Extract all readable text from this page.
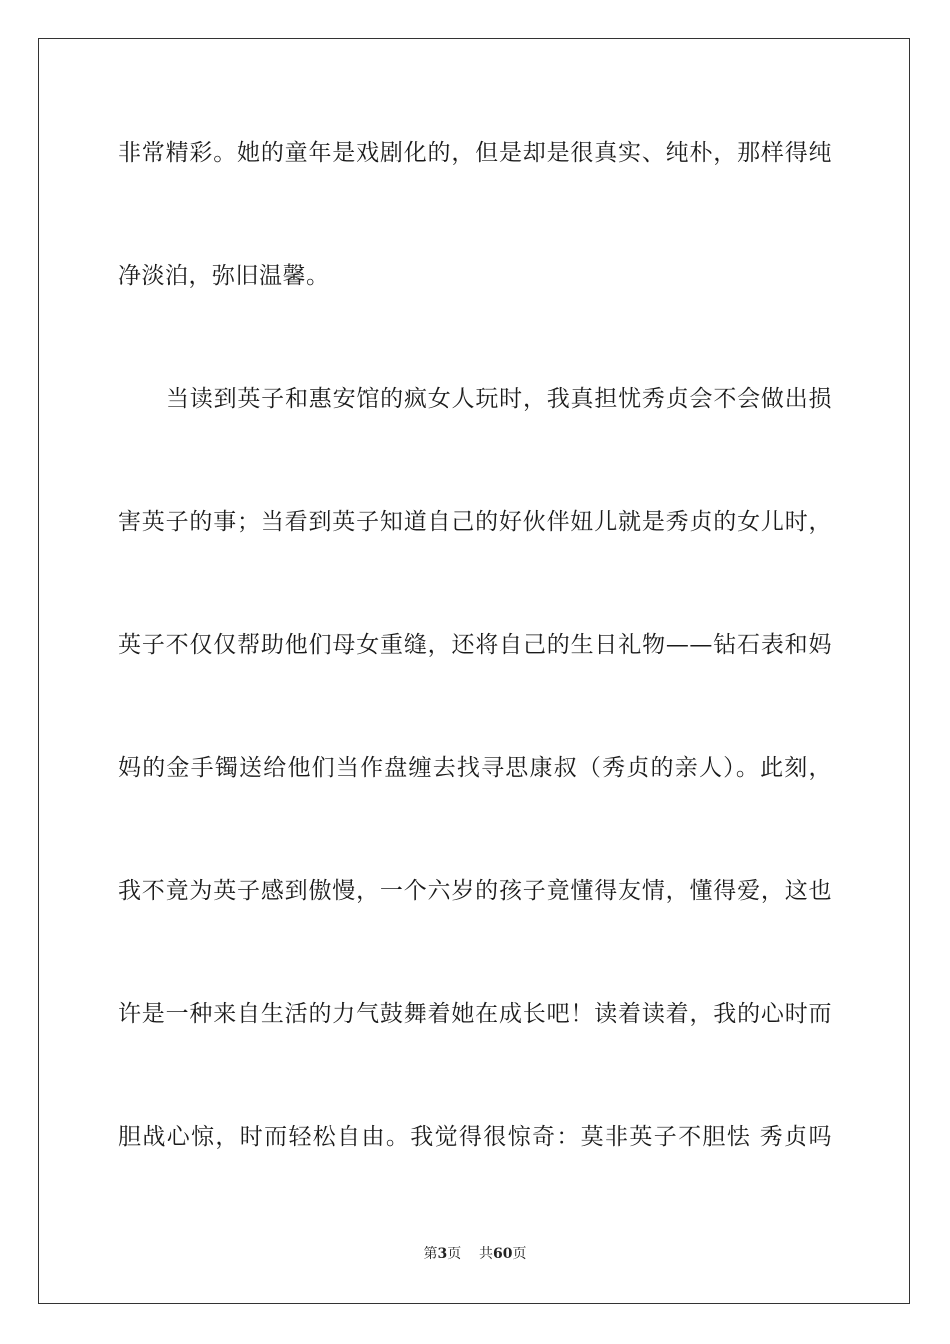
非常精彩。她的童年是戏剧化的，但是却是很真实、纯朴，那样得纯
净淡泊，弥旧温馨。
当读到英子和惠安馆的疯女人玩时，我真担忧秀贞会不会做出损
害英子的事；当看到英子知道自己的好伙伴妞儿就是秀贞的女儿时，
英子不仅仅帮助他们母女重缝，还将自己的生日礼物——钻石表和妈
妈的金手镯送给他们当作盘缠去找寻思康叔（秀贞的亲人）。此刻，
我不竟为英子感到傲慢，一个六岁的孩子竟懂得友情，懂得爱，这也
许是一种来自生活的力气鼓舞着她在成长吧！读着读着，我的心时而
胆战心惊，时而轻松自由。我觉得很惊奇：莫非英子不胆怯 秀贞吗
第3页 共60页
